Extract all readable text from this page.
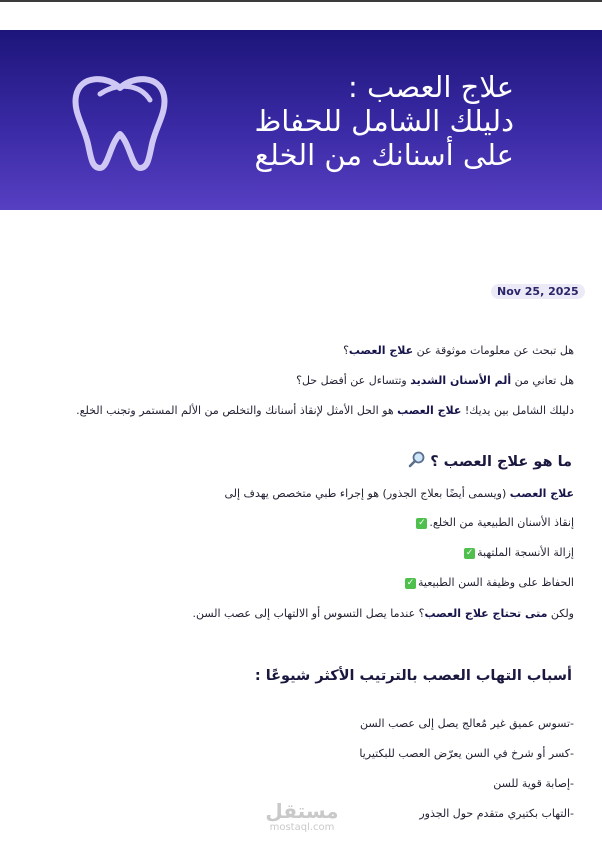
علاج العصب :
دليلك الشامل للحفاظ
على أسنانك من الخلع
Nov 25, 2025

هل تبحث عن معلومات موثوقة عن علاج العصب؟

هل تعاني من ألم الأسنان الشديد وتتساءل عن أفضل حل؟

دليلك الشامل بين يديك! علاج العصب هو الحل الأمثل لإنقاذ أسنانك والتخلص من الألم المستمر وتجنب الخلع.

ما هو علاج العصب ؟

علاج العصب (ويسمى أيضًا بعلاج الجذور) هو إجراء طبي متخصص يهدف إلى

إنقاذ الأسنان الطبيعية من الخلع.✓

إزالة الأنسجة الملتهبة✓

الحفاظ على وظيفة السن الطبيعية✓

ولكن متى تحتاج علاج العصب؟ عندما يصل التسوس أو الالتهاب إلى عصب السن.

أسباب التهاب العصب بالترتيب الأكثر شيوعًا :

-تسوس عميق غير مُعالج يصل إلى عصب السن

-كسر أو شرخ في السن يعرّض العصب للبكتيريا

-إصابة قوية للسن

-التهاب بكتيري متقدم حول الجذور

مستقل
mostaql.com
